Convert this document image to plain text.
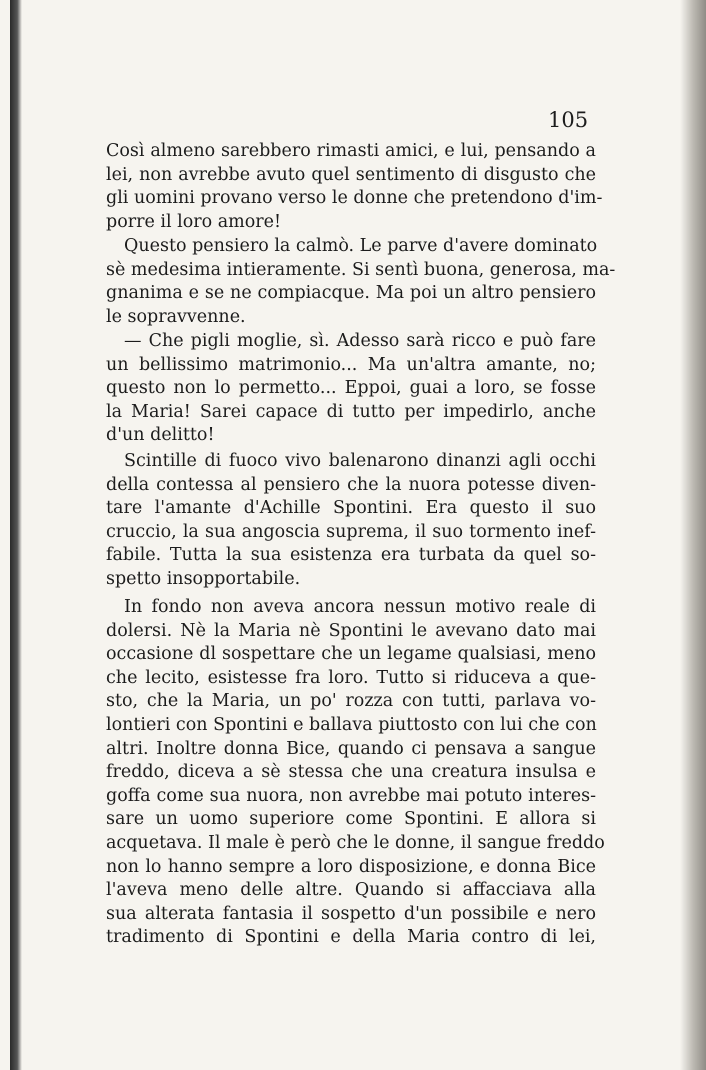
105

Così almeno sarebbero rimasti amici, e lui, pensando a
lei, non avrebbe avuto quel sentimento di disgusto che
gli uomini provano verso le donne che pretendono d'im-
porre il loro amore!

Questo pensiero la calmò. Le parve d'avere dominato
sè medesima intieramente. Si sentì buona, generosa, ma-
gnanima e se ne compiacque. Ma poi un altro pensiero
le sopravvenne.

— Che pigli moglie, sì. Adesso sarà ricco e può fare
un bellissimo matrimonio... Ma un'altra amante, no;
questo non lo permetto... Eppoi, guai a loro, se fosse
la Maria! Sarei capace di tutto per impedirlo, anche
d'un delitto!

Scintille di fuoco vivo balenarono dinanzi agli occhi
della contessa al pensiero che la nuora potesse diven-
tare l'amante d'Achille Spontini. Era questo il suo
cruccio, la sua angoscia suprema, il suo tormento inef-
fabile. Tutta la sua esistenza era turbata da quel so-
spetto insopportabile.

In fondo non aveva ancora nessun motivo reale di
dolersi. Nè la Maria nè Spontini le avevano dato mai
occasione dl sospettare che un legame qualsiasi, meno
che lecito, esistesse fra loro. Tutto si riduceva a que-
sto, che la Maria, un po' rozza con tutti, parlava vo-
lontieri con Spontini e ballava piuttosto con lui che con
altri. Inoltre donna Bice, quando ci pensava a sangue
freddo, diceva a sè stessa che una creatura insulsa e
goffa come sua nuora, non avrebbe mai potuto interes-
sare un uomo superiore come Spontini. E allora si
acquetava. Il male è però che le donne, il sangue freddo
non lo hanno sempre a loro disposizione, e donna Bice
l'aveva meno delle altre. Quando si affacciava alla
sua alterata fantasia il sospetto d'un possibile e nero
tradimento di Spontini e della Maria contro di lei,
